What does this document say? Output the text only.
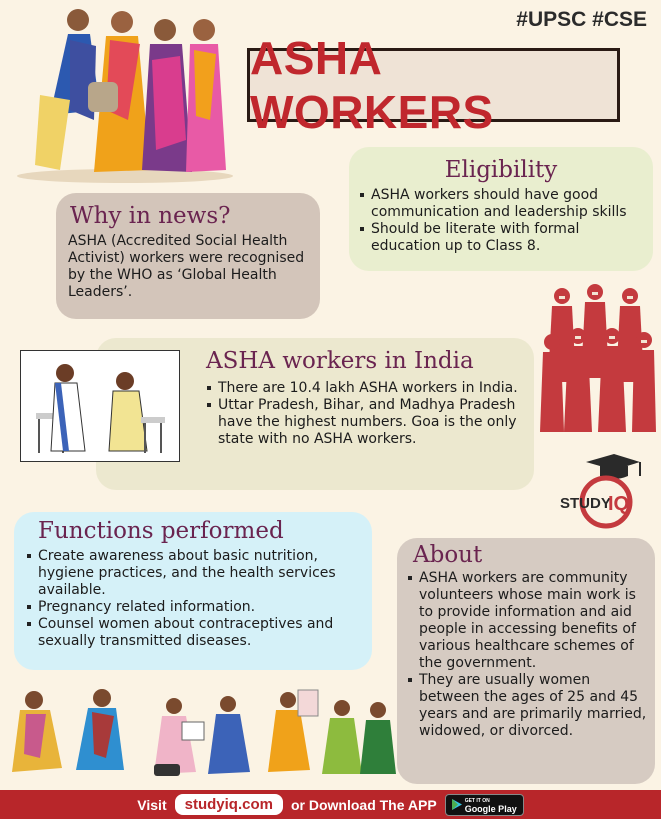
#UPSC #CSE
ASHA WORKERS
Eligibility
ASHA workers should have good communication and leadership skills
Should be literate with formal education up to Class 8.
Why in news?

ASHA (Accredited Social Health Activist) workers were recognised by the WHO as ‘Global Health Leaders’.

ASHA workers in India
There are 10.4 lakh ASHA workers in India.
Uttar Pradesh, Bihar, and Madhya Pradesh have the highest numbers. Goa is the only state with no ASHA workers.
STUDY
IQ
Functions performed
Create awareness about basic nutrition, hygiene practices, and the health services available.
Pregnancy related information.
Counsel women about contraceptives and sexually transmitted diseases.
About
ASHA workers are community volunteers whose main work is to provide information and aid people in accessing benefits of various healthcare schemes of the government.
They are usually women between the ages of 25 and 45 years and are primarily married, widowed, or divorced.
Visit	studyiq.com	or Download The APP	GET IT ON
Google Play
